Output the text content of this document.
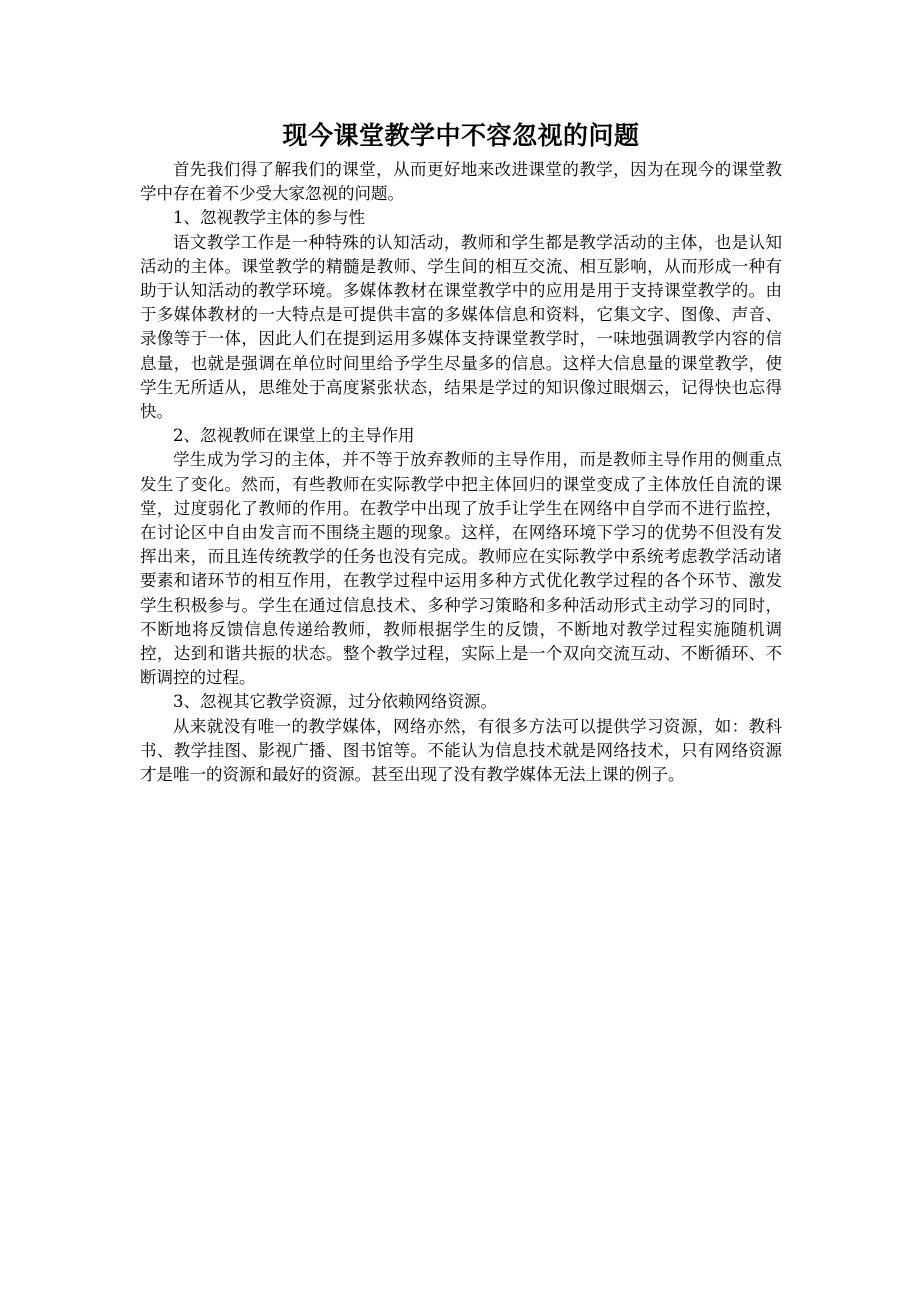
现今课堂教学中不容忽视的问题

首先我们得了解我们的课堂，从而更好地来改进课堂的教学，因为在现今的课堂教学中存在着不少受大家忽视的问题。

1、忽视教学主体的参与性

语文教学工作是一种特殊的认知活动，教师和学生都是教学活动的主体，也是认知活动的主体。课堂教学的精髓是教师、学生间的相互交流、相互影响，从而形成一种有助于认知活动的教学环境。多媒体教材在课堂教学中的应用是用于支持课堂教学的。由于多媒体教材的一大特点是可提供丰富的多媒体信息和资料，它集文字、图像、声音、录像等于一体，因此人们在提到运用多媒体支持课堂教学时，一味地强调教学内容的信息量，也就是强调在单位时间里给予学生尽量多的信息。这样大信息量的课堂教学，使学生无所适从，思维处于高度紧张状态，结果是学过的知识像过眼烟云，记得快也忘得快。

2、忽视教师在课堂上的主导作用

学生成为学习的主体，并不等于放弃教师的主导作用，而是教师主导作用的侧重点发生了变化。然而，有些教师在实际教学中把主体回归的课堂变成了主体放任自流的课堂，过度弱化了教师的作用。在教学中出现了放手让学生在网络中自学而不进行监控，在讨论区中自由发言而不围绕主题的现象。这样，在网络环境下学习的优势不但没有发挥出来，而且连传统教学的任务也没有完成。教师应在实际教学中系统考虑教学活动诸要素和诸环节的相互作用，在教学过程中运用多种方式优化教学过程的各个环节、激发学生积极参与。学生在通过信息技术、多种学习策略和多种活动形式主动学习的同时，不断地将反馈信息传递给教师，教师根据学生的反馈，不断地对教学过程实施随机调控，达到和谐共振的状态。整个教学过程，实际上是一个双向交流互动、不断循环、不断调控的过程。

3、忽视其它教学资源，过分依赖网络资源。

从来就没有唯一的教学媒体，网络亦然，有很多方法可以提供学习资源，如：教科书、教学挂图、影视广播、图书馆等。不能认为信息技术就是网络技术，只有网络资源才是唯一的资源和最好的资源。甚至出现了没有教学媒体无法上课的例子。
